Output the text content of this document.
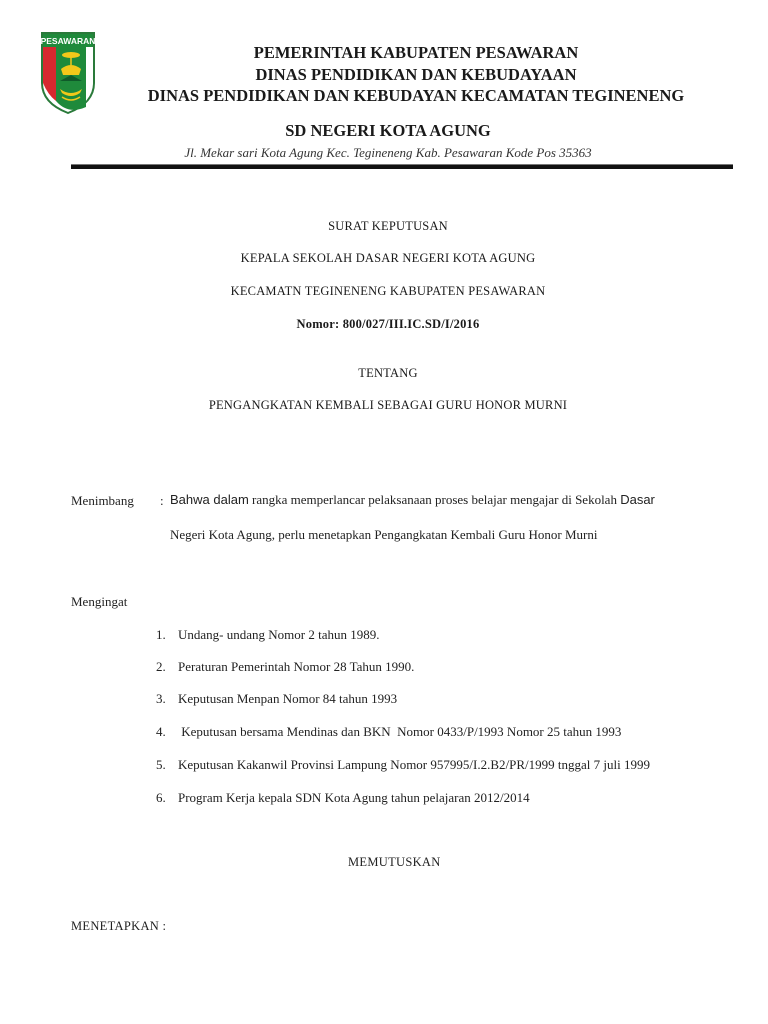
PESAWARAN
PEMERINTAH KABUPATEN PESAWARAN
DINAS PENDIDIKAN DAN KEBUDAYAAN
DINAS PENDIDIKAN DAN KEBUDAYAN KECAMATAN TEGINENENG
SD NEGERI KOTA AGUNG
Jl. Mekar sari Kota Agung Kec. Tegineneng Kab. Pesawaran Kode Pos 35363
SURAT KEPUTUSAN
KEPALA SEKOLAH DASAR NEGERI KOTA AGUNG
KECAMATN TEGINENENG KABUPATEN PESAWARAN
Nomor: 800/027/III.IC.SD/I/2016
TENTANG
PENGANGKATAN KEMBALI SEBAGAI GURU HONOR MURNI
Menimbang : Bahwa dalam rangka memperlancar pelaksanaan proses belajar mengajar di Sekolah Dasar
Negeri Kota Agung, perlu menetapkan Pengangkatan Kembali Guru Honor Murni
Mengingat
1. Undang- undang Nomor 2 tahun 1989.
2. Peraturan Pemerintah Nomor 28 Tahun 1990.
3. Keputusan Menpan Nomor 84 tahun 1993
4. Keputusan bersama Mendinas dan BKN  Nomor 0433/P/1993 Nomor 25 tahun 1993
5. Keputusan Kakanwil Provinsi Lampung Nomor 957995/I.2.B2/PR/1999 tnggal 7 juli 1999
6. Program Kerja kepala SDN Kota Agung tahun pelajaran 2012/2014
MEMUTUSKAN
MENETAPKAN :
